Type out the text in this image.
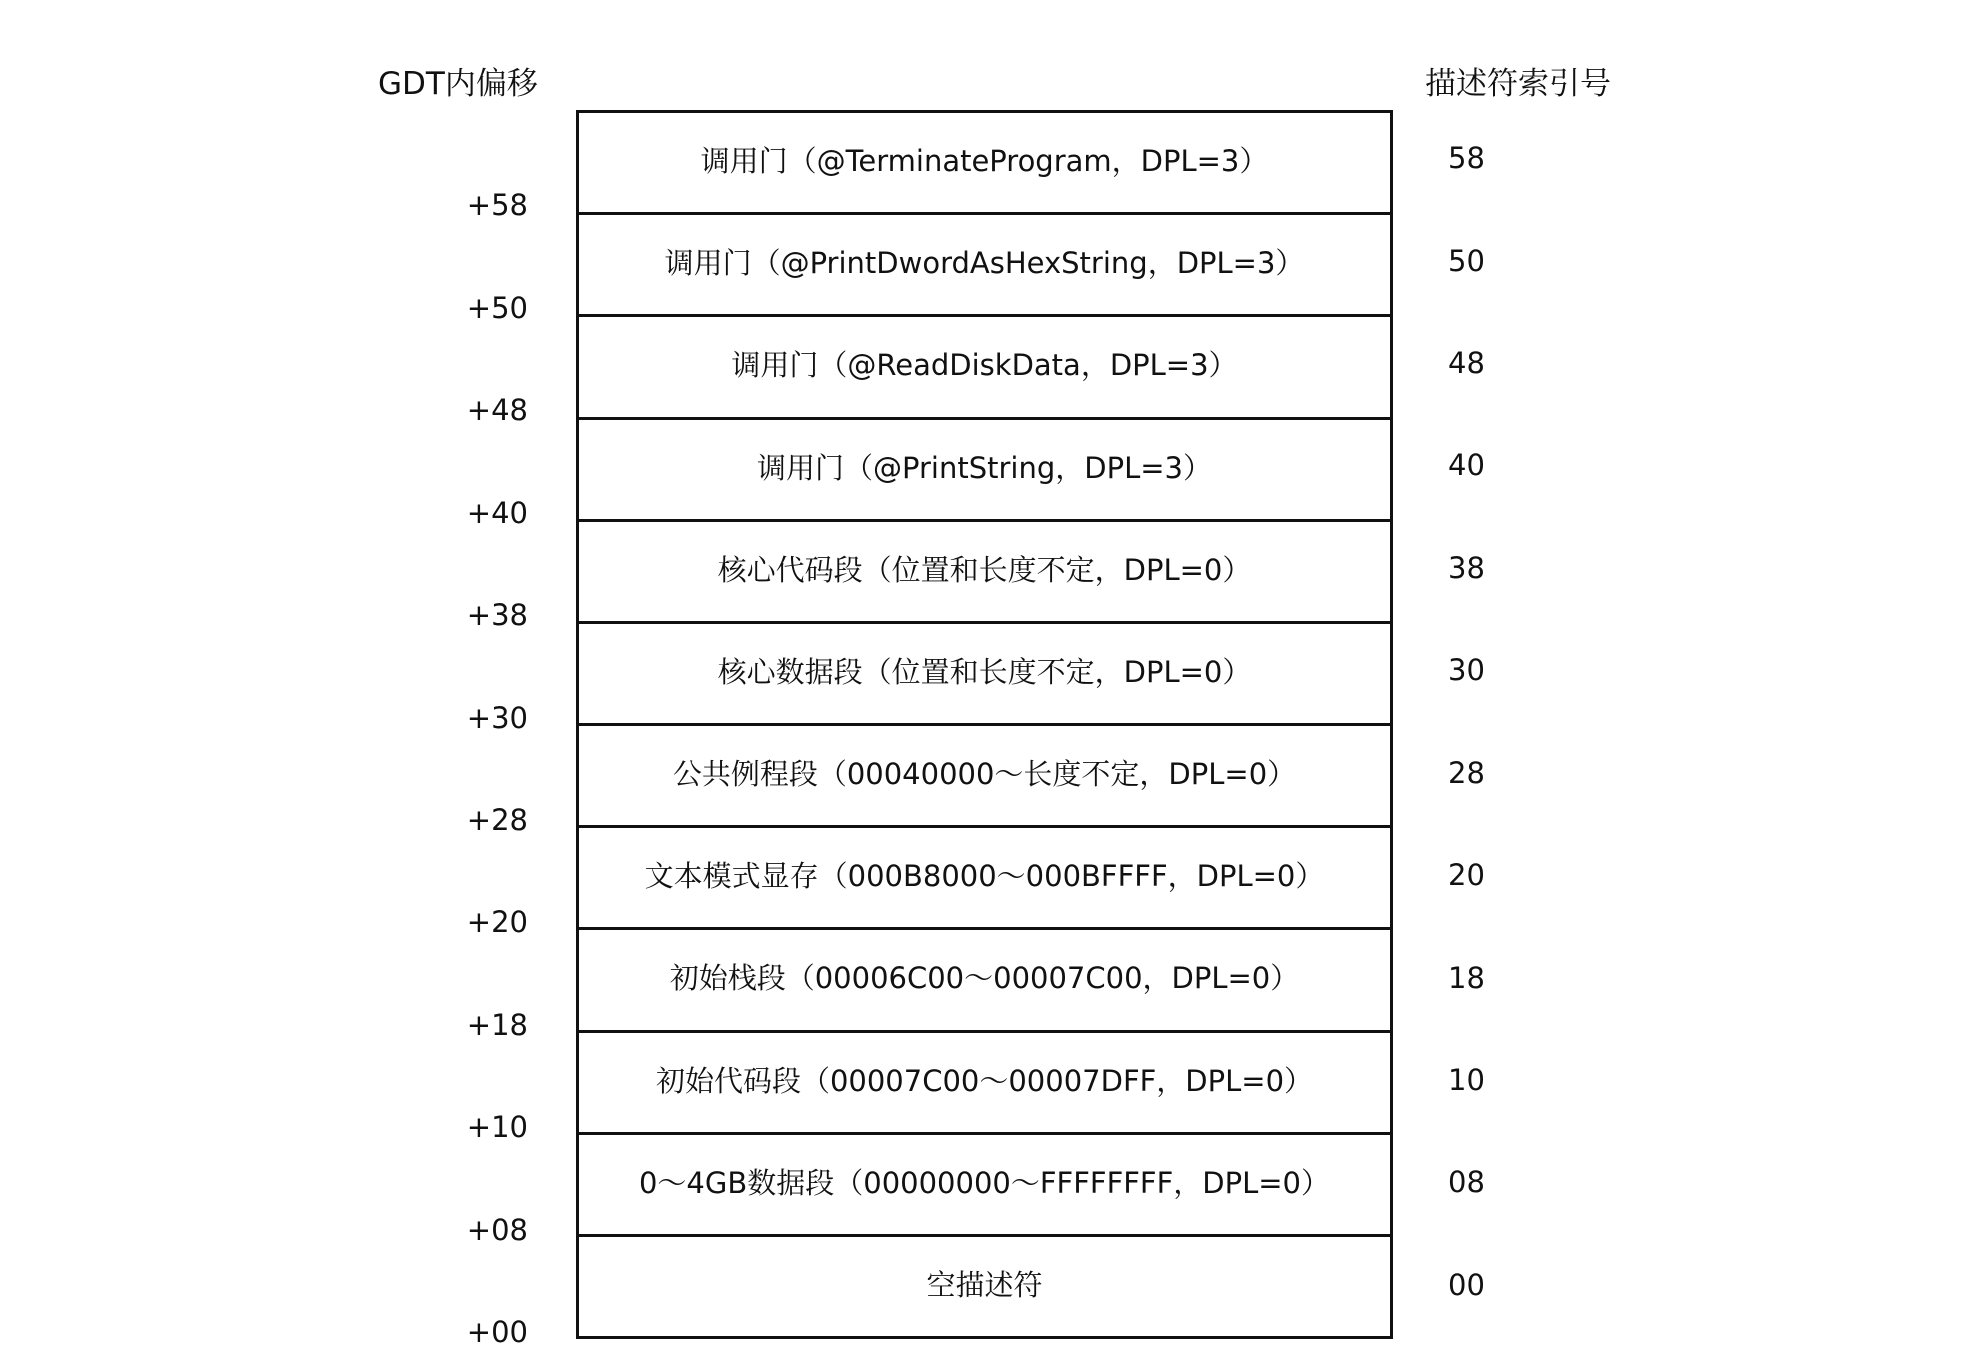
GDT内偏移	描述符索引号
+58
+50
+48
+40
+38
+30
+28
+20
+18
+10
+08
+00
调用门（@TerminateProgram，DPL=3）
调用门（@PrintDwordAsHexString，DPL=3）
调用门（@ReadDiskData，DPL=3）
调用门（@PrintString，DPL=3）
核心代码段（位置和长度不定，DPL=0）
核心数据段（位置和长度不定，DPL=0）
公共例程段（00040000～长度不定，DPL=0）
文本模式显存（000B8000～000BFFFF，DPL=0）
初始栈段（00006C00～00007C00，DPL=0）
初始代码段（00007C00～00007DFF，DPL=0）
0～4GB数据段（00000000～FFFFFFFF，DPL=0）
空描述符
58
50
48
40
38
30
28
20
18
10
08
00
